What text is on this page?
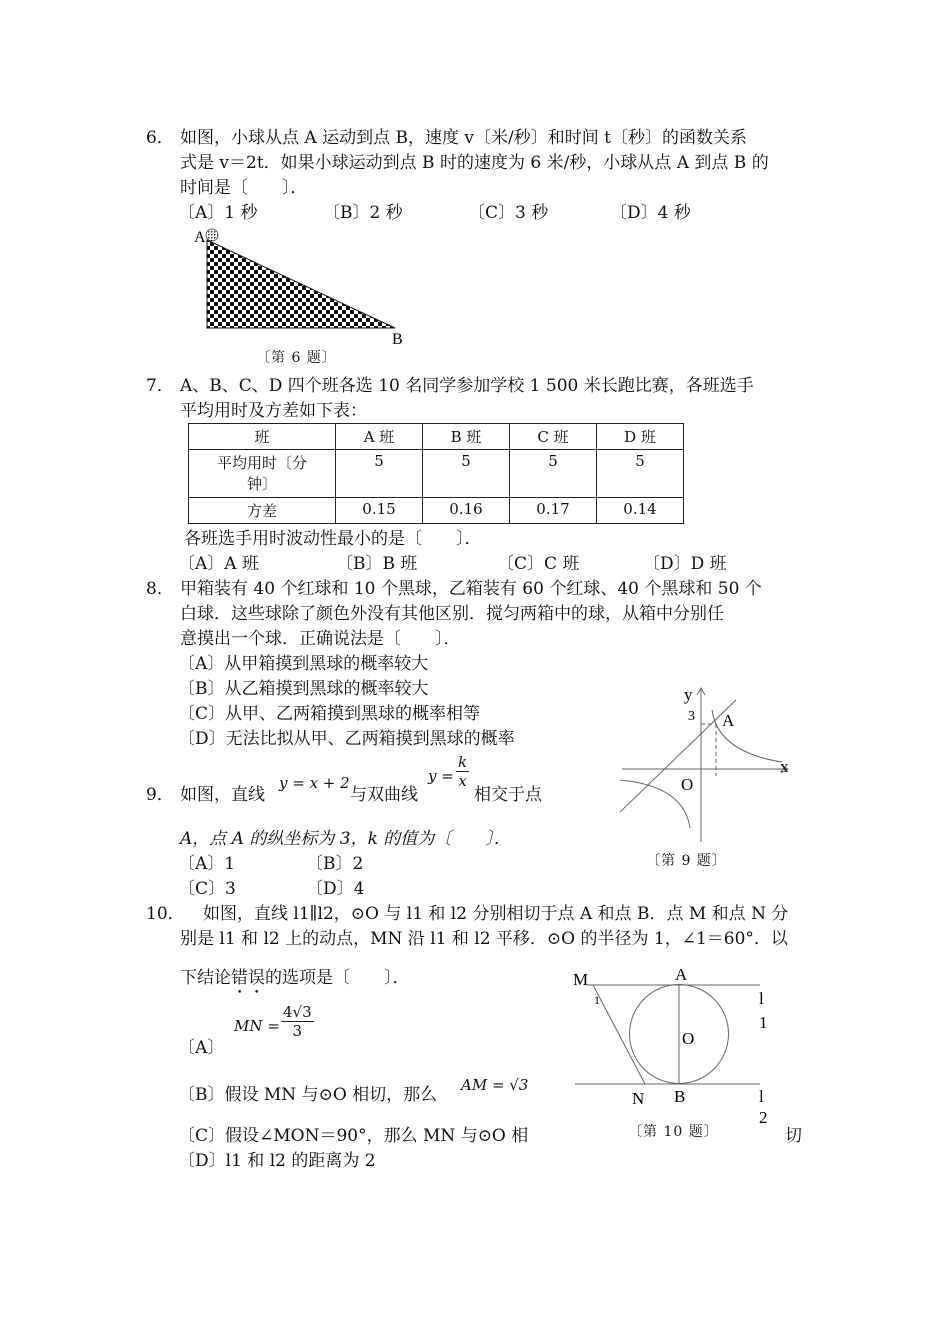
6． 如图，小球从点 A 运动到点 B，速度 v〔米/秒〕和时间 t〔秒〕的函数关系
式是 v＝2t．如果小球运动到点 B 时的速度为 6 米/秒，小球从点 A 到点 B 的
时间是〔　　〕．
〔A〕1 秒	〔B〕2 秒	〔C〕3 秒	〔D〕4 秒
A
B
〔第 6 题〕
7． A、B、C、D 四个班各选 10 名同学参加学校 1 500 米长跑比赛，各班选手
平均用时及方差如下表：
班	A 班	B 班	C 班	D 班
平均用时〔分
钟〕	5	5	5	5
方差	0.15	0.16	0.17	0.14
各班选手用时波动性最小的是〔　　〕．
〔A〕A 班	〔B〕B 班	〔C〕C 班	〔D〕D 班
8． 甲箱装有 40 个红球和 10 个黑球，乙箱装有 60 个红球、40 个黑球和 50 个
白球．这些球除了颜色外没有其他区别．搅匀两箱中的球，从箱中分别任
意摸出一个球．正确说法是〔　　〕．
〔A〕从甲箱摸到黑球的概率较大
〔B〕从乙箱摸到黑球的概率较大
〔C〕从甲、乙两箱摸到黑球的概率相等
〔D〕无法比拟从甲、乙两箱摸到黑球的概率
9． 如图，直线
y = x + 2
与双曲线
$y = \frac{k}{x}$
相交于点
A，点 A 的纵坐标为 3，k 的值为〔　　〕．
〔A〕1	〔B〕2
〔C〕3	〔D〕4
y
x
O
A
3
〔第 9 题〕
10． 如图，直线 l1∥l2，⊙O 与 l1 和 l2 分别相切于点 A 和点 B．点 M 和点 N 分
别是 l1 和 l2 上的动点，MN 沿 l1 和 l2 平移．⊙O 的半径为 1，∠1＝60°．以
下结论错误的选项是〔　　〕．
〔A〕
MN = $\frac{4√3}{3}$
〔B〕假设 MN 与⊙O 相切，那么 AM = √3
〔C〕假设∠MON＝90°，那么 MN 与⊙O 相	切
〔D〕l1 和 l2 的距离为 2
M
1
A
O
B
N
l
1
l
2
〔第 10 题〕
